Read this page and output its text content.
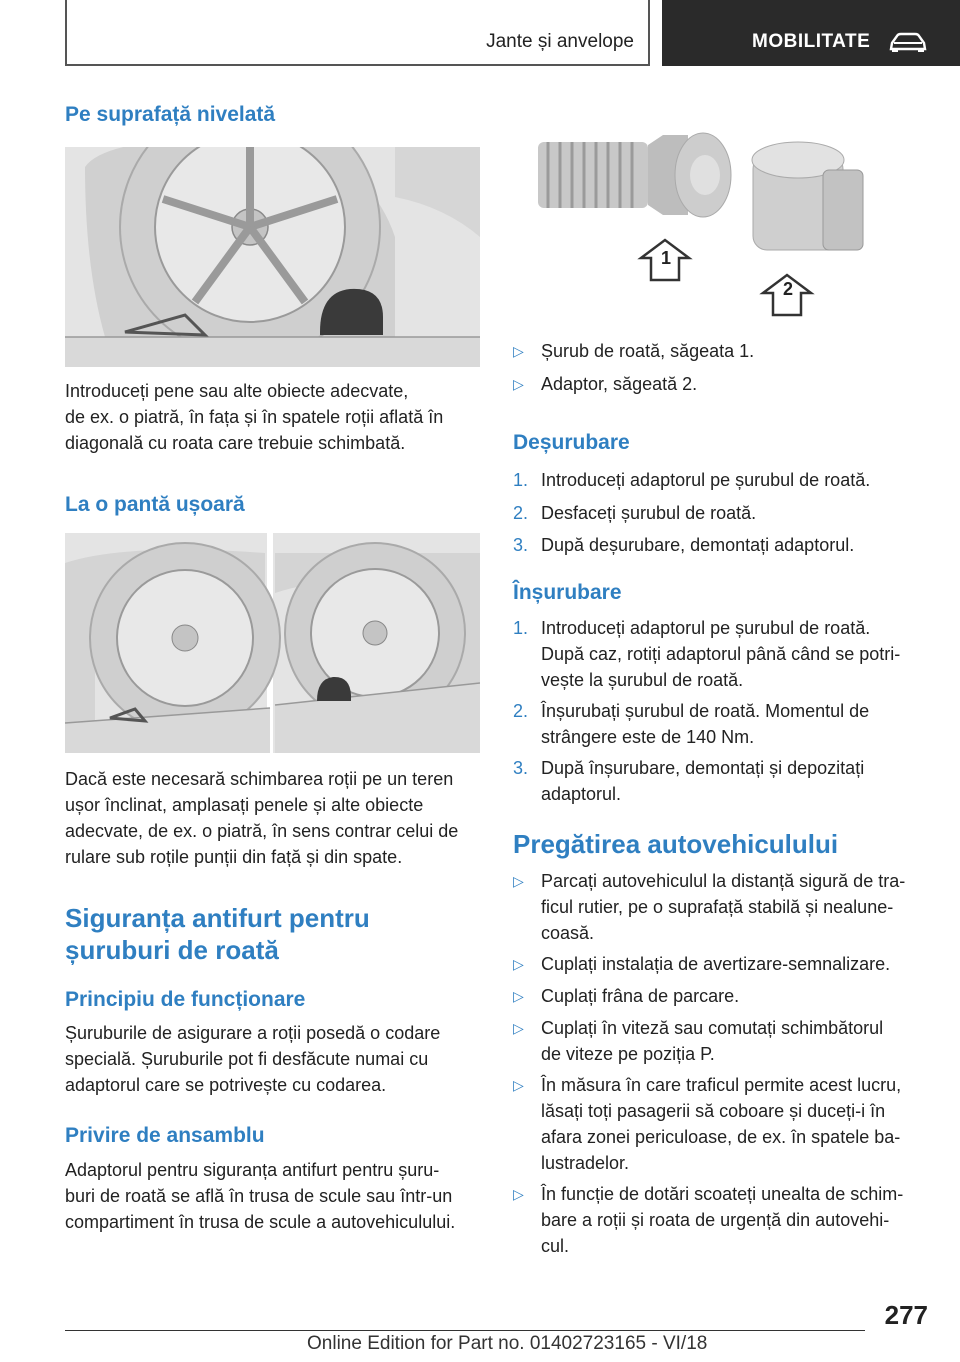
Jante și anvelope	MOBILITATE
Pe suprafață nivelată

Introduceți pene sau alte obiecte adecvate,
de ex. o piatră, în fața și în spatele roții aflată în
diagonală cu roata care trebuie schimbată.

La o pantă ușoară

Dacă este necesară schimbarea roții pe un teren
ușor înclinat, amplasați penele și alte obiecte
adecvate, de ex. o piatră, în sens contrar celui de
rulare sub roțile punții din față și din spate.

Siguranța antifurt pentru
șuruburi de roată
Principiu de funcționare

Șuruburile de asigurare a roții posedă o codare
specială. Șuruburile pot fi desfăcute numai cu
adaptorul care se potrivește cu codarea.

Privire de ansamblu

Adaptorul pentru siguranța antifurt pentru șuru-
buri de roată se află în trusa de scule sau într-un
compartiment în trusa de scule a autovehiculului.

1
2
▷ Șurub de roată, săgeata 1.
▷ Adaptor, săgeată 2.
Deșurubare
1. Introduceți adaptorul pe șurubul de roată.
2. Desfaceți șurubul de roată.
3. După deșurubare, demontați adaptorul.
Înșurubare
1. Introduceți adaptorul pe șurubul de roată.
După caz, rotiți adaptorul până când se potri-
vește la șurubul de roată.
2. Înșurubați șurubul de roată. Momentul de
strângere este de 140 Nm.
3. După înșurubare, demontați și depozitați
adaptorul.
Pregătirea autovehiculului
▷ Parcați autovehiculul la distanță sigură de tra-
ficul rutier, pe o suprafață stabilă și nealune-
coasă.
▷ Cuplați instalația de avertizare-semnalizare.
▷ Cuplați frâna de parcare.
▷ Cuplați în viteză sau comutați schimbătorul
de viteze pe poziția P.
▷ În măsura în care traficul permite acest lucru,
lăsați toți pasagerii să coboare și duceți-i în
afara zonei periculoase, de ex. în spatele ba-
lustradelor.
▷ În funcție de dotări scoateți unealta de schim-
bare a roții și roata de urgență din autovehi-
cul.
277
Online Edition for Part no. 01402723165 - VI/18
